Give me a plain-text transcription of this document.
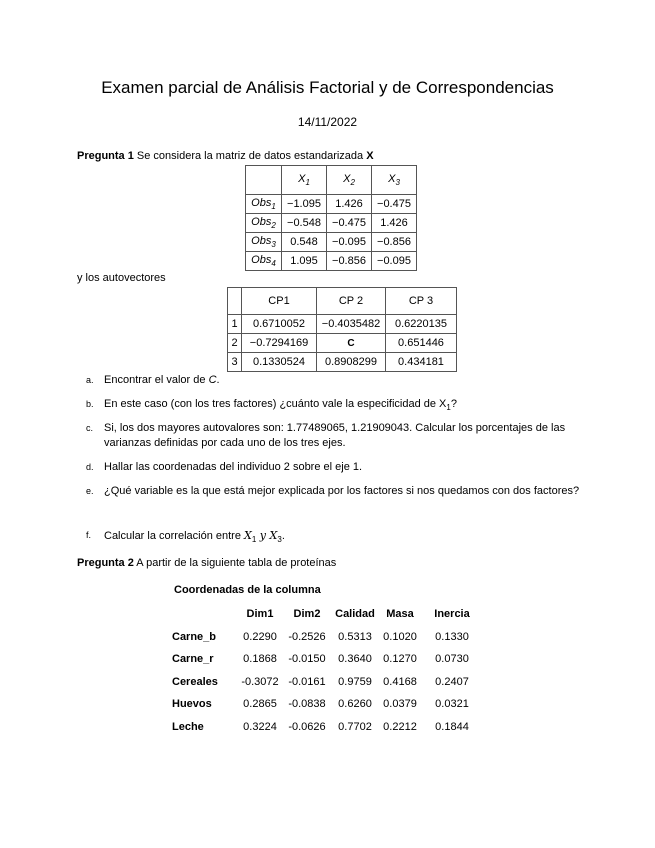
Examen parcial de Análisis Factorial y de Correspondencias
14/11/2022
Pregunta 1 Se considera la matriz de datos estandarizada X
	$X_1$	$X_2$	$X_3$
Obs$_1$	−1.095	1.426	−0.475
Obs$_2$	−0.548	−0.475	1.426
Obs$_3$	0.548	−0.095	−0.856
Obs$_4$	1.095	−0.856	−0.095
y los autovectores
	CP1	CP 2	CP 3
1	0.6710052	−0.4035482	0.6220135
2	−0.7294169	C	0.651446
3	0.1330524	0.8908299	0.434181
a. Encontrar el valor de C.
b. En este caso (con los tres factores) ¿cuánto vale la especificidad de $X_1$?
c. Si, los dos mayores autovalores son: 1.77489065, 1.21909043. Calcular los porcentajes de las varianzas definidas por cada uno de los tres ejes.
d. Hallar las coordenadas del individuo 2 sobre el eje 1.
e. ¿Qué variable es la que está mejor explicada por los factores si nos quedamos con dos factores?
f. Calcular la correlación entre $X_1$ y $X_3$.
Pregunta 2 A partir de la siguiente tabla de proteínas
Coordenadas de la columna
	Dim1	Dim2	Calidad	Masa	Inercia
Carne_b	0.2290	-0.2526	0.5313	0.1020	0.1330
Carne_r	0.1868	-0.0150	0.3640	0.1270	0.0730
Cereales	-0.3072	-0.0161	0.9759	0.4168	0.2407
Huevos	0.2865	-0.0838	0.6260	0.0379	0.0321
Leche	0.3224	-0.0626	0.7702	0.2212	0.1844
